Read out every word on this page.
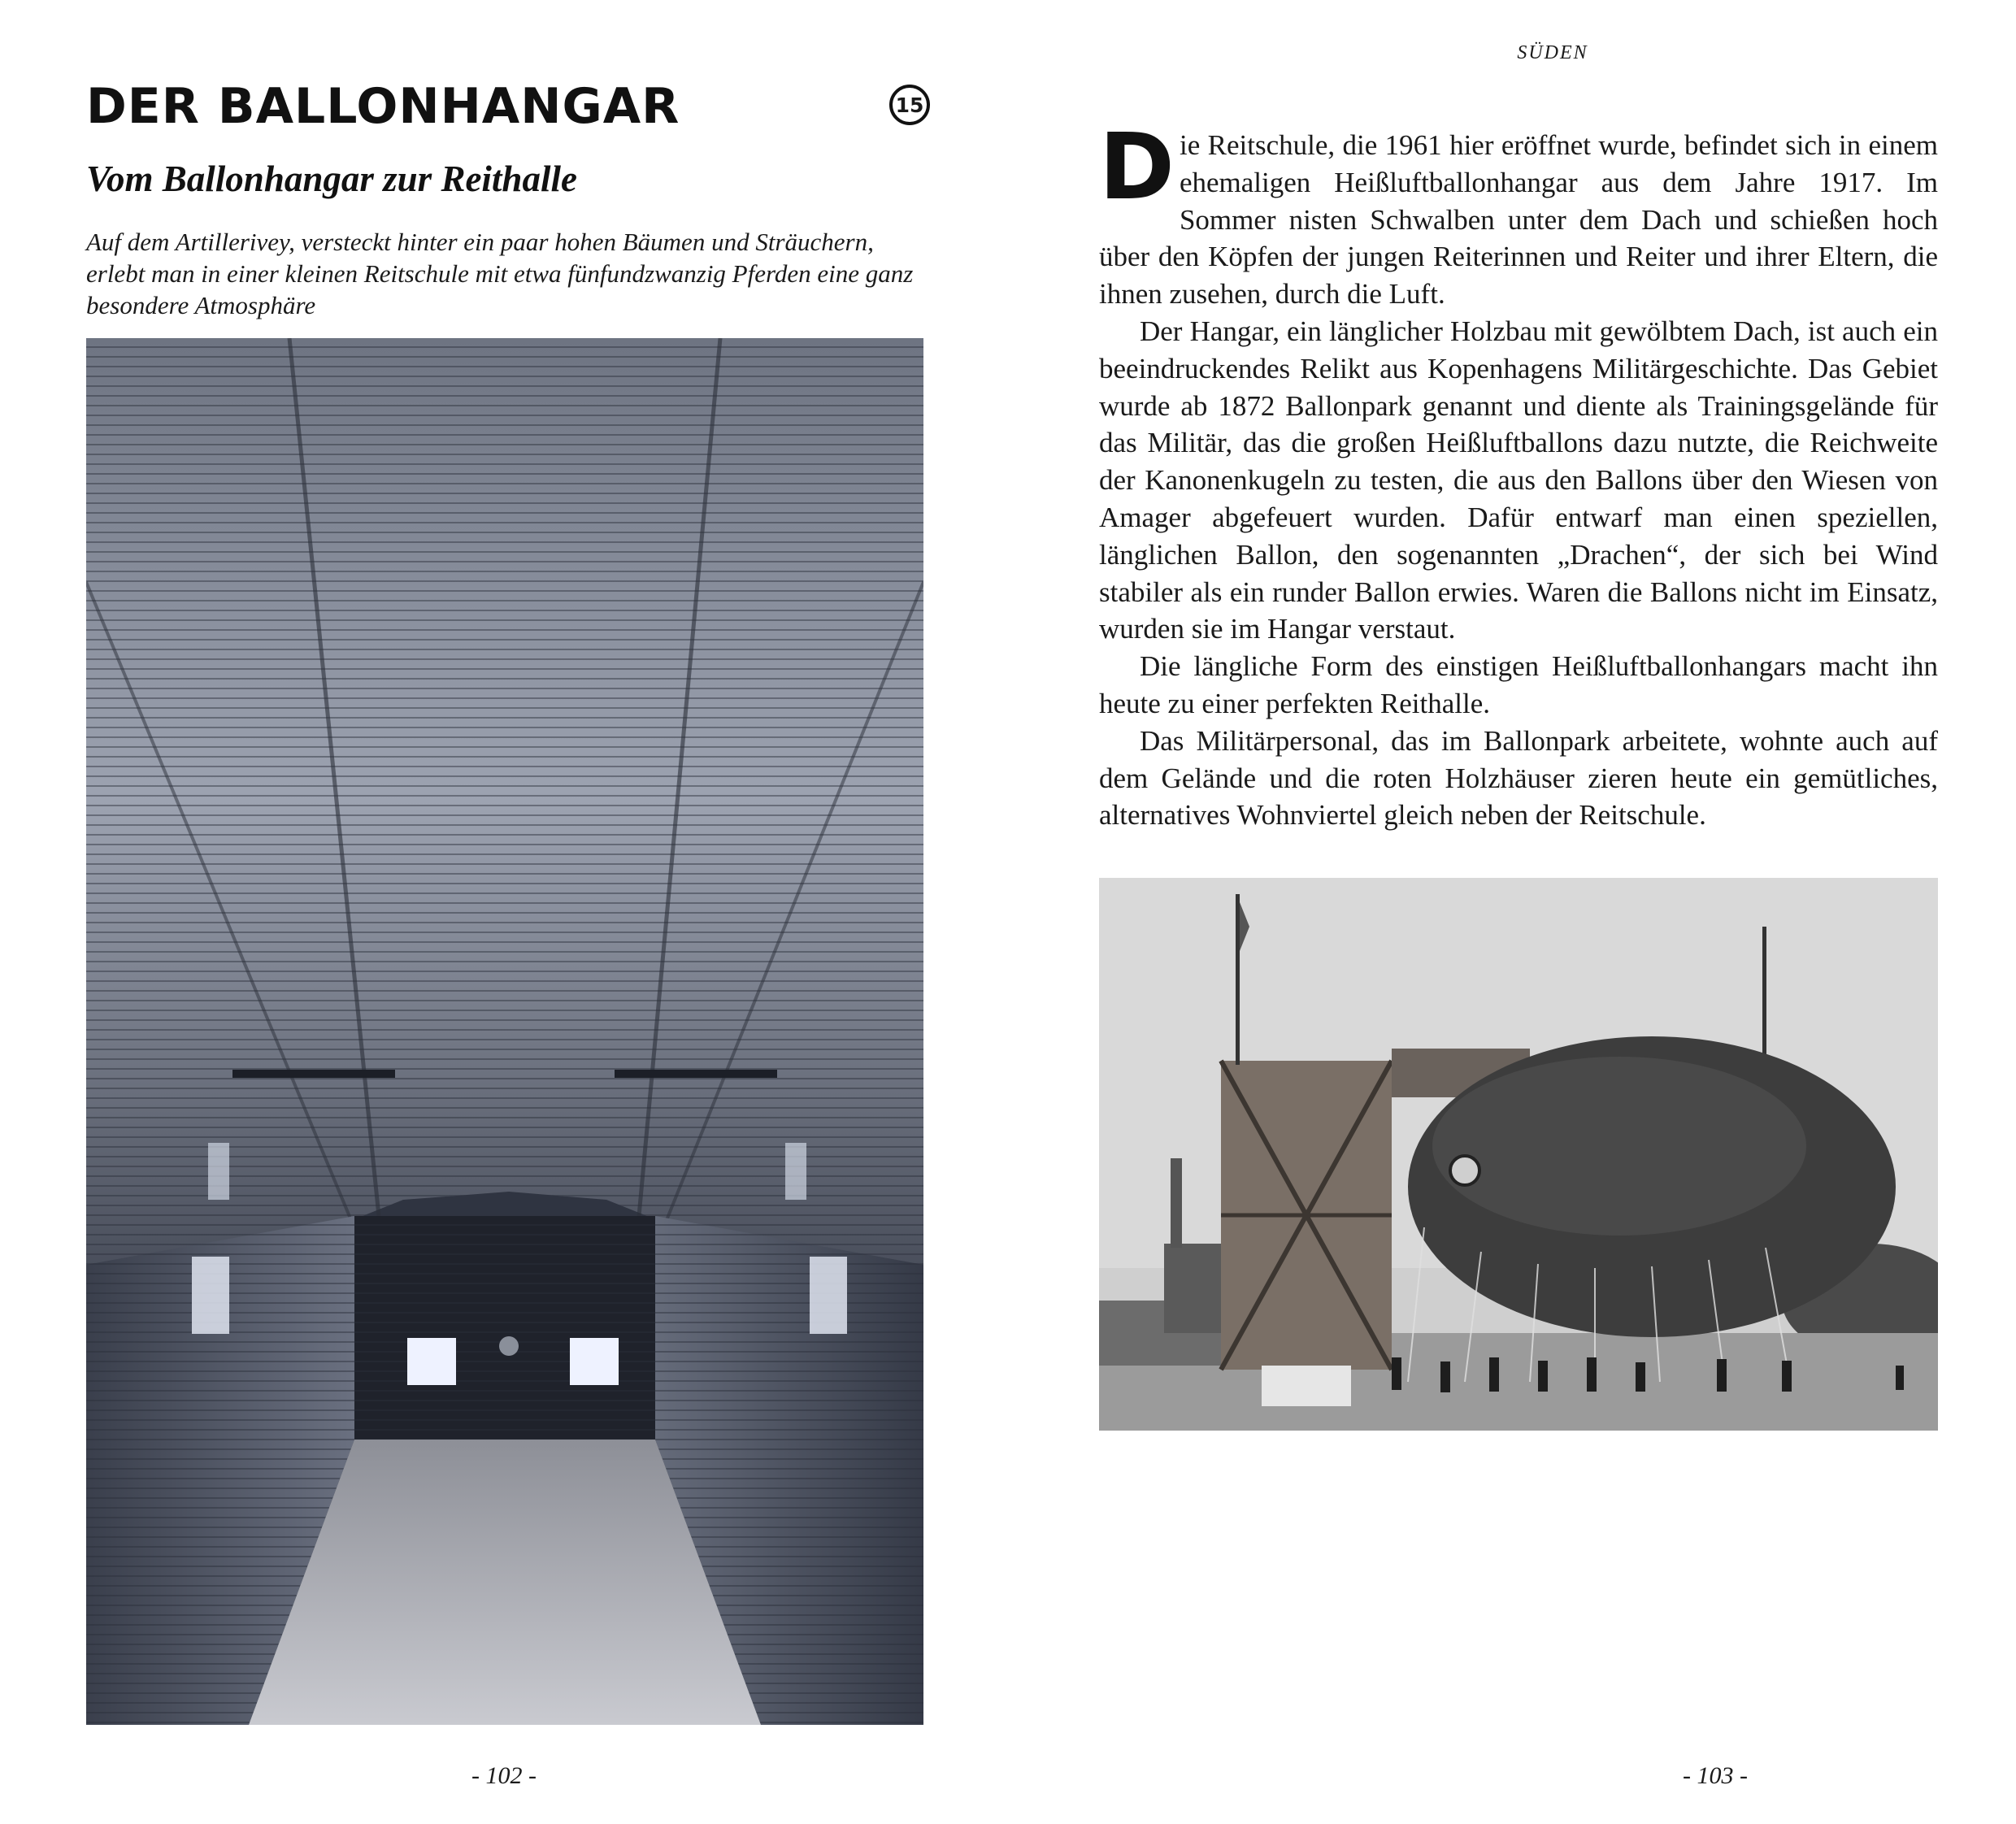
DER BALLONHANGAR	15
Vom Ballonhangar zur Reithalle

Auf dem Artillerivey, versteckt hinter ein paar hohen Bäumen und Sträuchern, erlebt man in einer kleinen Reitschule mit etwa fünfundzwanzig Pferden eine ganz besondere Atmosphäre

- 102 -
SÜDEN

Die Reitschule, die 1961 hier eröffnet wurde, befindet sich in einem ehemaligen Heißluftballonhangar aus dem Jahre 1917. Im Sommer nisten Schwalben unter dem Dach und schießen hoch über den Köpfen der jungen Reiterinnen und Reiter und ihrer Eltern, die ihnen zusehen, durch die Luft.

Der Hangar, ein länglicher Holzbau mit gewölbtem Dach, ist auch ein beeindruckendes Relikt aus Kopenhagens Militärgeschichte. Das Gebiet wurde ab 1872 Ballonpark genannt und diente als Trainingsgelände für das Militär, das die großen Heißluftballons dazu nutzte, die Reichweite der Kanonenkugeln zu testen, die aus den Ballons über den Wiesen von Amager abgefeuert wurden. Dafür entwarf man einen speziellen, länglichen Ballon, den sogenannten „Drachen“, der sich bei Wind stabiler als ein runder Ballon erwies. Waren die Ballons nicht im Einsatz, wurden sie im Hangar verstaut.

Die längliche Form des einstigen Heißluftballonhangars macht ihn heute zu einer perfekten Reithalle.

Das Militärpersonal, das im Ballonpark arbeitete, wohnte auch auf dem Gelände und die roten Holzhäuser zieren heute ein gemütliches, alternatives Wohnviertel gleich neben der Reitschule.

- 103 -
